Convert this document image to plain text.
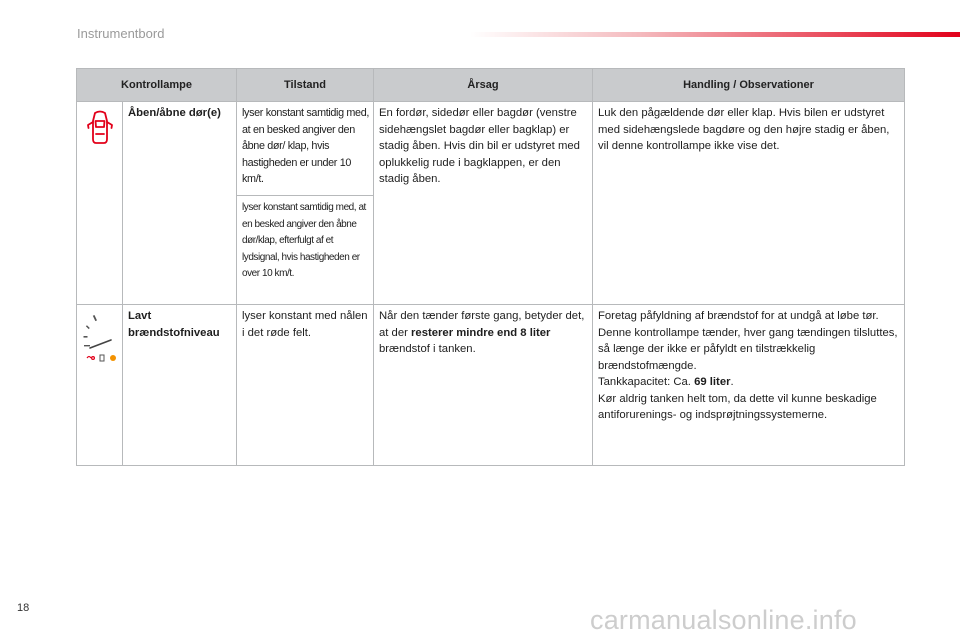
Instrumentbord
Kontrollampe		Tilstand	Årsag	Handling / Observationer
	Åben/åbne dør(e)	lyser konstant samtidig med, at en besked angiver den åbne dør/ klap, hvis hastigheden er under 10 km/t.	En fordør, sidedør eller bagdør (venstre sidehængslet bagdør eller bagklap) er stadig åben. Hvis din bil er udstyret med oplukkelig rude i bagklappen, er den stadig åben.	Luk den pågældende dør eller klap. Hvis bilen er udstyret med sidehængslede bagdøre og den højre stadig er åben, vil denne kontrollampe ikke vise det.
		lyser konstant samtidig med, at en besked angiver den åbne dør/klap, efterfulgt af et lydsignal, hvis hastigheden er over 10 km/t.		
	Lavt brændstofniveau	lyser konstant med nålen i det røde felt.	Når den tænder første gang, betyder det, at der resterer mindre end 8 liter brændstof i tanken.	Foretag påfyldning af brændstof for at undgå at løbe tør.
Denne kontrollampe tænder, hver gang tændingen tilsluttes, så længe der ikke er påfyldt en tilstrækkelig brændstofmængde.
Tankkapacitet: Ca. 69 liter.
Kør aldrig tanken helt tom, da dette vil kunne beskadige antiforurenings- og indsprøjtningssystemerne.
18	carmanualsonline.info
